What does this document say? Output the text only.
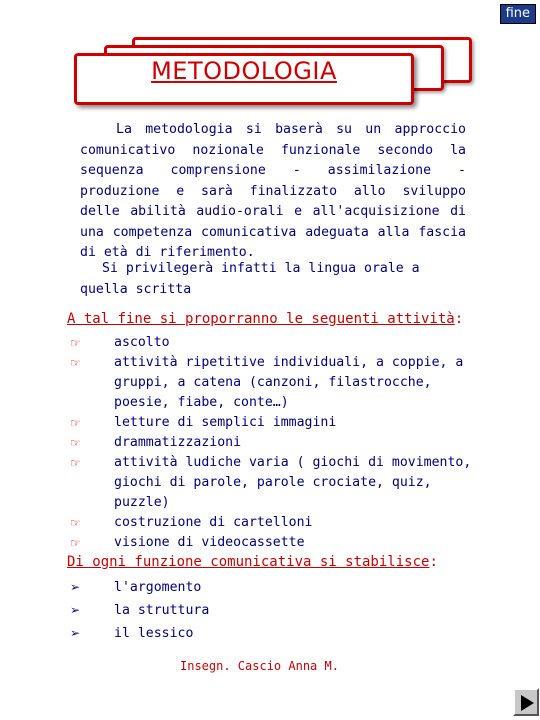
fine
METODOLOGIA

La metodologia si baserà su un approccio comunicativo nozionale funzionale secondo la sequenza comprensione - assimilazione - produzione e sarà finalizzato allo sviluppo delle abilità audio-orali e all'acquisizione di una competenza comunicativa adeguata alla fascia di età di riferimento.

Si privilegerà infatti la lingua orale a quella scritta

A tal fine si proporranno le seguenti attività:

☞	ascolto
☞	attività ripetitive individuali, a coppie, a gruppi, a catena (canzoni, filastrocche, poesie, fiabe, conte…)
☞	letture di semplici immagini
☞	drammatizzazioni
☞	attività ludiche varia ( giochi di movimento, giochi di parole, parole crociate, quiz, puzzle)
☞	costruzione di cartelloni
☞	visione di videocassette

Di ogni funzione comunicativa si stabilisce:

➢	l'argomento
➢	la struttura
➢	il lessico
Insegn. Cascio Anna M.
